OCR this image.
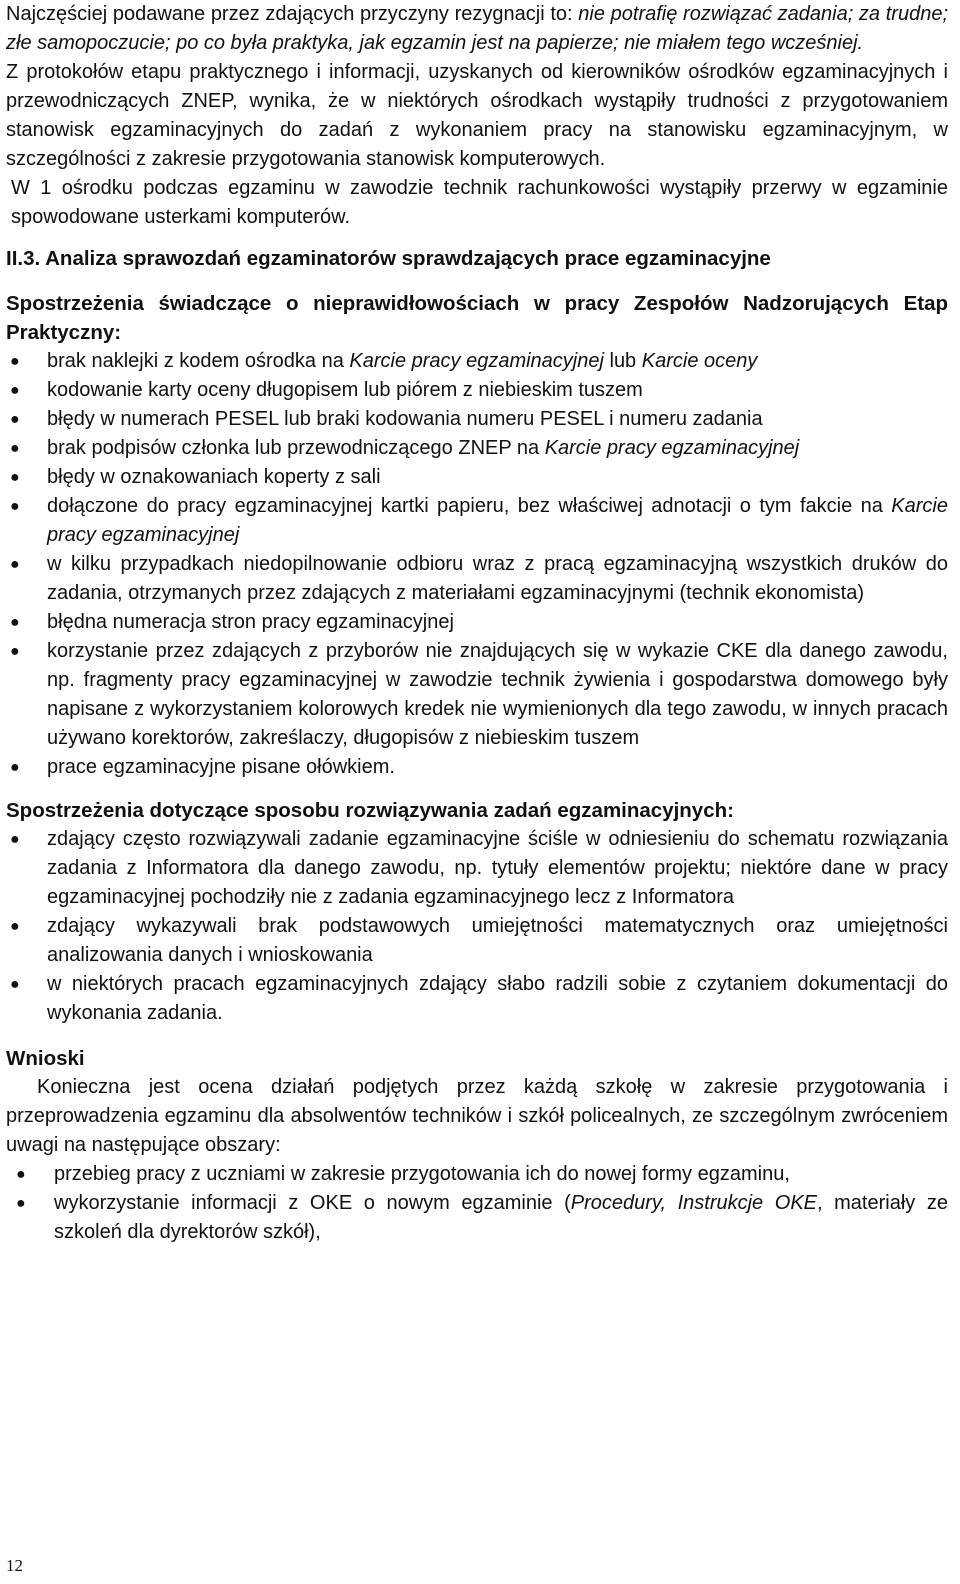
Najczęściej podawane przez zdających przyczyny rezygnacji to: nie potrafię rozwiązać zadania; za trudne; złe samopoczucie; po co była praktyka, jak egzamin jest na papierze; nie miałem tego wcześniej.

Z protokołów etapu praktycznego i informacji, uzyskanych od kierowników ośrodków egzaminacyjnych i przewodniczących ZNEP, wynika, że w niektórych ośrodkach wystąpiły trudności z przygotowaniem stanowisk egzaminacyjnych do zadań z wykonaniem pracy na stanowisku egzaminacyjnym, w szczególności z zakresie przygotowania stanowisk komputerowych.

W 1 ośrodku podczas egzaminu w zawodzie technik rachunkowości wystąpiły przerwy w egzaminie spowodowane usterkami komputerów.

II.3. Analiza sprawozdań egzaminatorów sprawdzających prace egzaminacyjne

Spostrzeżenia świadczące o nieprawidłowościach w pracy Zespołów Nadzorujących Etap Praktyczny:

● brak naklejki z kodem ośrodka na Karcie pracy egzaminacyjnej lub Karcie oceny
● kodowanie karty oceny długopisem lub piórem z niebieskim tuszem
● błędy w numerach PESEL lub braki kodowania numeru PESEL i numeru zadania
● brak podpisów członka lub przewodniczącego ZNEP na Karcie pracy egzaminacyjnej
● błędy w oznakowaniach koperty z sali
● dołączone do pracy egzaminacyjnej kartki papieru, bez właściwej adnotacji o tym fakcie na Karcie pracy egzaminacyjnej
● w kilku przypadkach niedopilnowanie odbioru wraz z pracą egzaminacyjną wszystkich druków do zadania, otrzymanych przez zdających z materiałami egzaminacyjnymi (technik ekonomista)
● błędna numeracja stron pracy egzaminacyjnej
● korzystanie przez zdających z przyborów nie znajdujących się w wykazie CKE dla danego zawodu, np. fragmenty pracy egzaminacyjnej w zawodzie technik żywienia i gospodarstwa domowego były napisane z wykorzystaniem kolorowych kredek nie wymienionych dla tego zawodu, w innych pracach używano korektorów, zakreślaczy, długopisów z niebieskim tuszem
● prace egzaminacyjne pisane ołówkiem.

Spostrzeżenia dotyczące sposobu rozwiązywania zadań egzaminacyjnych:

● zdający często rozwiązywali zadanie egzaminacyjne ściśle w odniesieniu do schematu rozwiązania zadania z Informatora dla danego zawodu, np. tytuły elementów projektu; niektóre dane w pracy egzaminacyjnej pochodziły nie z zadania egzaminacyjnego lecz z Informatora
● zdający wykazywali brak podstawowych umiejętności matematycznych oraz umiejętności analizowania danych i wnioskowania
● w niektórych pracach egzaminacyjnych zdający słabo radzili sobie z czytaniem dokumentacji do wykonania zadania.

Wnioski

Konieczna jest ocena działań podjętych przez każdą szkołę w zakresie przygotowania i przeprowadzenia egzaminu dla absolwentów techników i szkół policealnych, ze szczególnym zwróceniem uwagi na następujące obszary:

● przebieg pracy z uczniami w zakresie przygotowania ich do nowej formy egzaminu,
● wykorzystanie informacji z OKE o nowym egzaminie (Procedury, Instrukcje OKE, materiały ze szkoleń dla dyrektorów szkół),
12
